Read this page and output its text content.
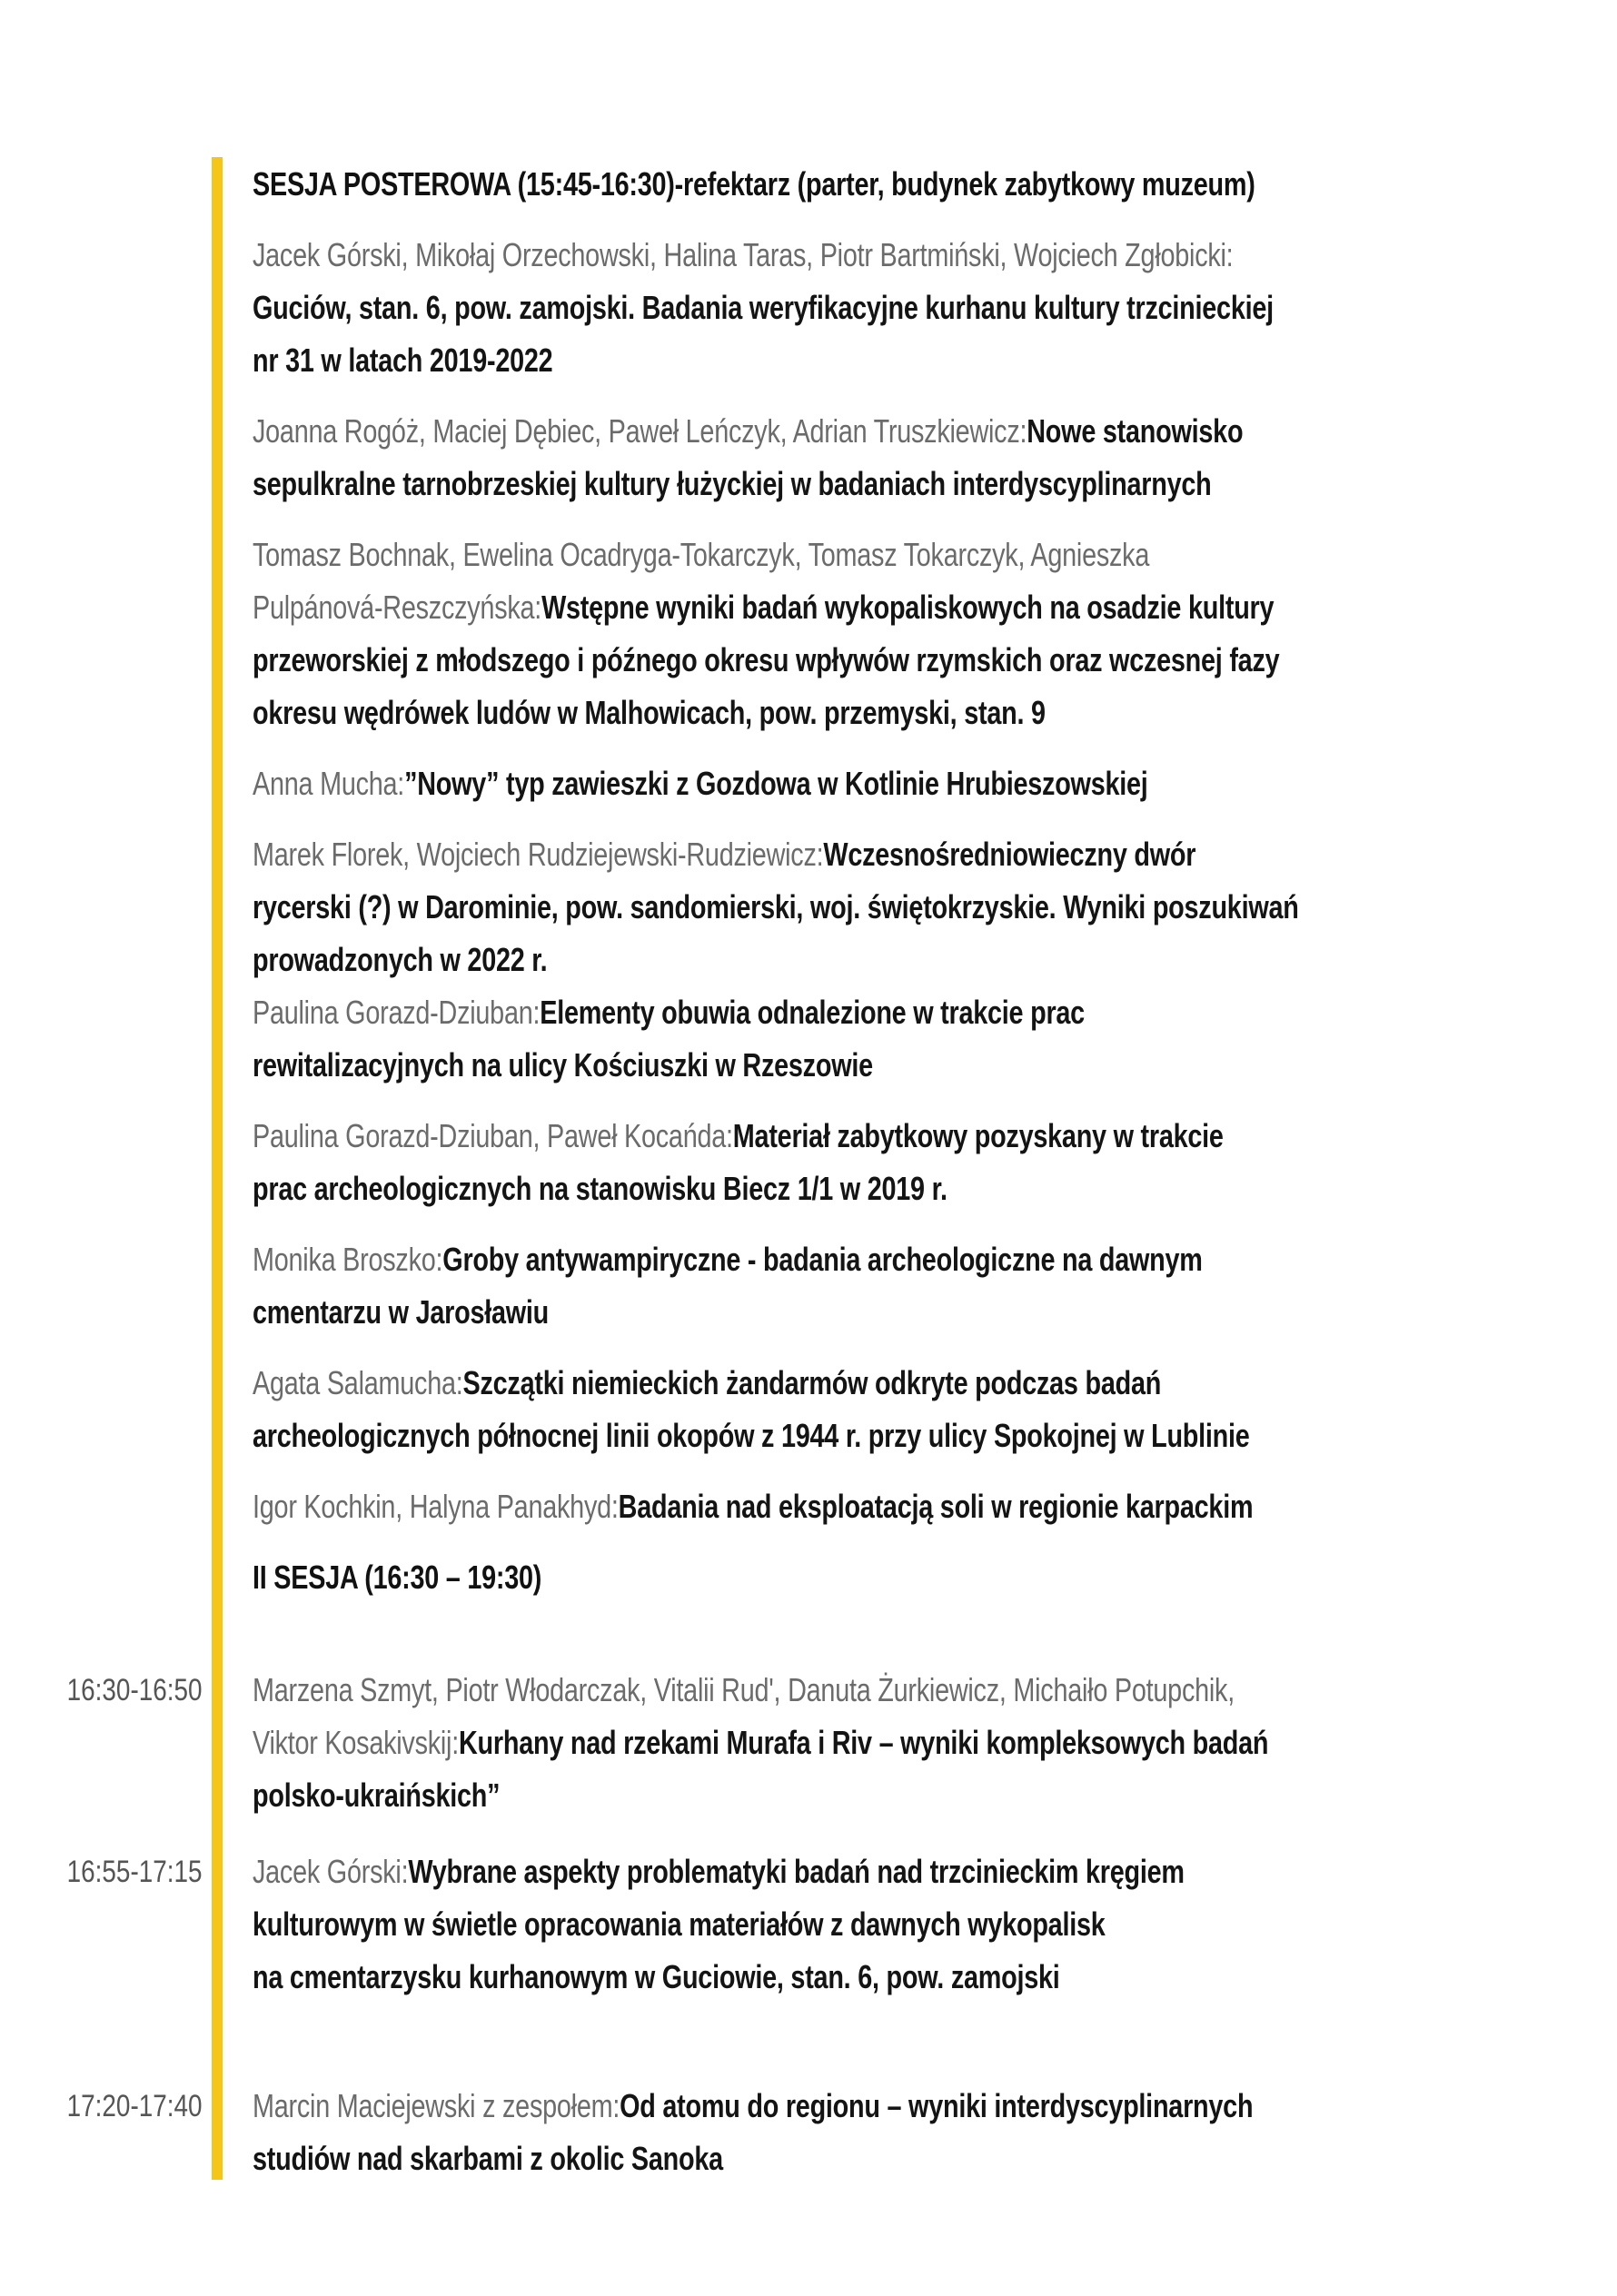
16:30-16:50
16:55-17:15
17:20-17:40
SESJA POSTEROWA (15:45-16:30)-refektarz (parter, budynek zabytkowy muzeum)
Jacek Górski, Mikołaj Orzechowski, Halina Taras, Piotr Bartmiński, Wojciech Zgłobicki:
Guciów, stan. 6, pow. zamojski. Badania weryfikacyjne kurhanu kultury trzcinieckiej
nr 31 w latach 2019-2022
Joanna Rogóż, Maciej Dębiec, Paweł Leńczyk, Adrian Truszkiewicz:Nowe stanowisko
sepulkralne tarnobrzeskiej kultury łużyckiej w badaniach interdyscyplinarnych
Tomasz Bochnak, Ewelina Ocadryga-Tokarczyk, Tomasz Tokarczyk, Agnieszka
Pulpánová-Reszczyńska:Wstępne wyniki badań wykopaliskowych na osadzie kultury
przeworskiej z młodszego i późnego okresu wpływów rzymskich oraz wczesnej fazy
okresu wędrówek ludów w Malhowicach, pow. przemyski, stan. 9
Anna Mucha:”Nowy” typ zawieszki z Gozdowa w Kotlinie Hrubieszowskiej
Marek Florek, Wojciech Rudziejewski-Rudziewicz:Wczesnośredniowieczny dwór
rycerski (?) w Darominie, pow. sandomierski, woj. świętokrzyskie. Wyniki poszukiwań
prowadzonych w 2022 r.
Paulina Gorazd-Dziuban:Elementy obuwia odnalezione w trakcie prac
rewitalizacyjnych na ulicy Kościuszki w Rzeszowie
Paulina Gorazd-Dziuban, Paweł Kocańda:Materiał zabytkowy pozyskany w trakcie
prac archeologicznych na stanowisku Biecz 1/1 w 2019 r.
Monika Broszko:Groby antywampiryczne - badania archeologiczne na dawnym
cmentarzu w Jarosławiu
Agata Salamucha:Szczątki niemieckich żandarmów odkryte podczas badań
archeologicznych północnej linii okopów z 1944 r. przy ulicy Spokojnej w Lublinie
Igor Kochkin, Halyna Panakhyd:Badania nad eksploatacją soli w regionie karpackim
II SESJA (16:30 – 19:30)
Marzena Szmyt, Piotr Włodarczak, Vitalii Rud', Danuta Żurkiewicz, Michaiło Potupchik,
Viktor Kosakivskij:Kurhany nad rzekami Murafa i Riv – wyniki kompleksowych badań
polsko-ukraińskich”
Jacek Górski:Wybrane aspekty problematyki badań nad trzcinieckim kręgiem
kulturowym w świetle opracowania materiałów z dawnych wykopalisk
na cmentarzysku kurhanowym w Guciowie, stan. 6, pow. zamojski
Marcin Maciejewski z zespołem:Od atomu do regionu – wyniki interdyscyplinarnych
studiów nad skarbami z okolic Sanoka
